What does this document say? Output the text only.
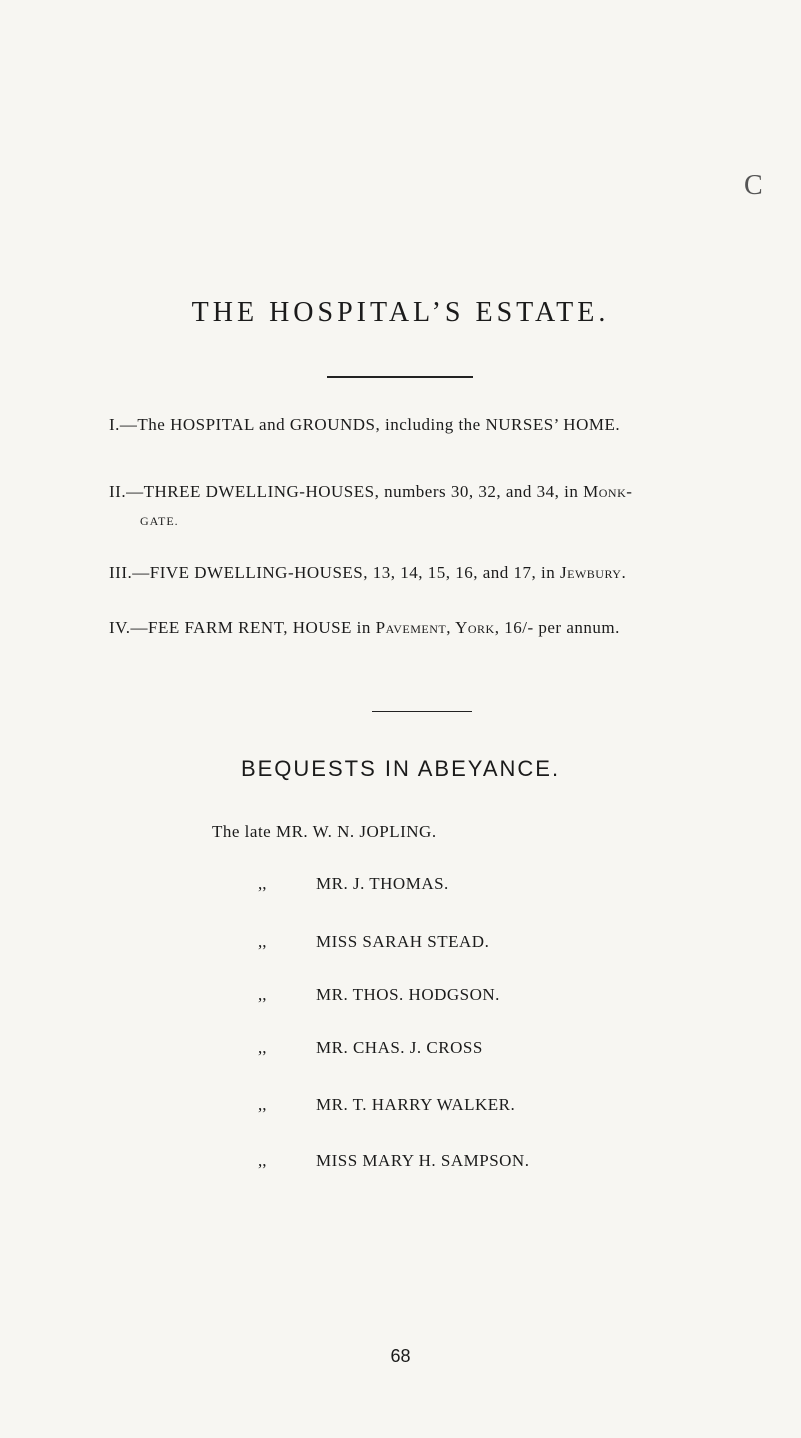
C
THE HOSPITAL’S ESTATE.
I.—The HOSPITAL and GROUNDS, including the NURSES’ HOME.
II.—THREE DWELLING-HOUSES, numbers 30, 32, and 34, in Monk-
GATE.
III.—FIVE DWELLING-HOUSES, 13, 14, 15, 16, and 17, in Jewbury.
IV.—FEE FARM RENT, HOUSE in Pavement, York, 16/- per annum.
BEQUESTS IN ABEYANCE.
The late MR. W. N. JOPLING.
,,	MR. J. THOMAS.
,,	MISS SARAH STEAD.
,,	MR. THOS. HODGSON.
,,	MR. CHAS. J. CROSS
,,	MR. T. HARRY WALKER.
,,	MISS MARY H. SAMPSON.
68
